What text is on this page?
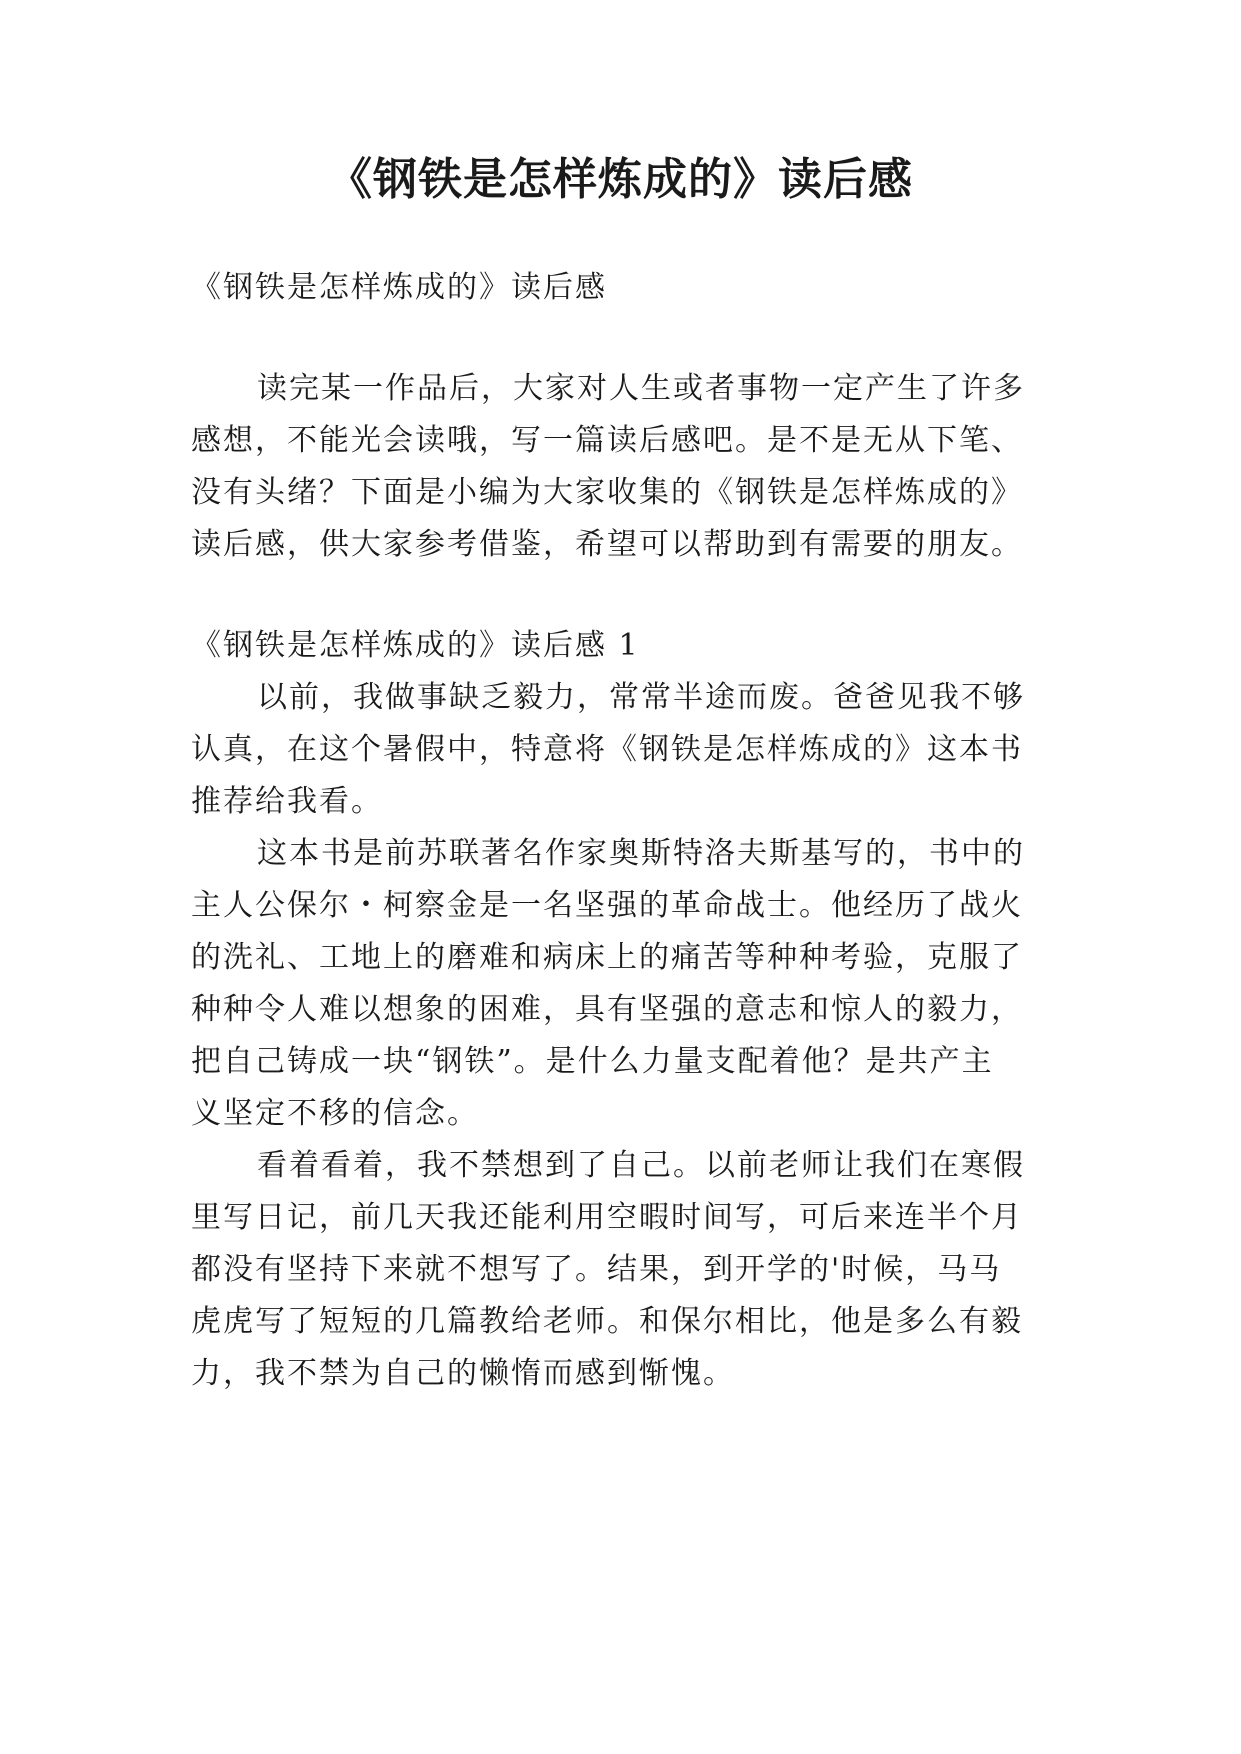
《钢铁是怎样炼成的》读后感
《钢铁是怎样炼成的》读后感
读完某一作品后，大家对人生或者事物一定产生了许多
感想，不能光会读哦，写一篇读后感吧。是不是无从下笔、
没有头绪？下面是小编为大家收集的《钢铁是怎样炼成的》
读后感，供大家参考借鉴，希望可以帮助到有需要的朋友。
《钢铁是怎样炼成的》读后感 1
以前，我做事缺乏毅力，常常半途而废。爸爸见我不够
认真，在这个暑假中，特意将《钢铁是怎样炼成的》这本书
推荐给我看。
这本书是前苏联著名作家奥斯特洛夫斯基写的，书中的
主人公保尔・柯察金是一名坚强的革命战士。他经历了战火
的洗礼、工地上的磨难和病床上的痛苦等种种考验，克服了
种种令人难以想象的困难，具有坚强的意志和惊人的毅力，
把自己铸成一块“钢铁”。是什么力量支配着他？是共产主
义坚定不移的信念。
看着看着，我不禁想到了自己。以前老师让我们在寒假
里写日记，前几天我还能利用空暇时间写，可后来连半个月
都没有坚持下来就不想写了。结果，到开学的'时候，马马
虎虎写了短短的几篇教给老师。和保尔相比，他是多么有毅
力，我不禁为自己的懒惰而感到惭愧。
